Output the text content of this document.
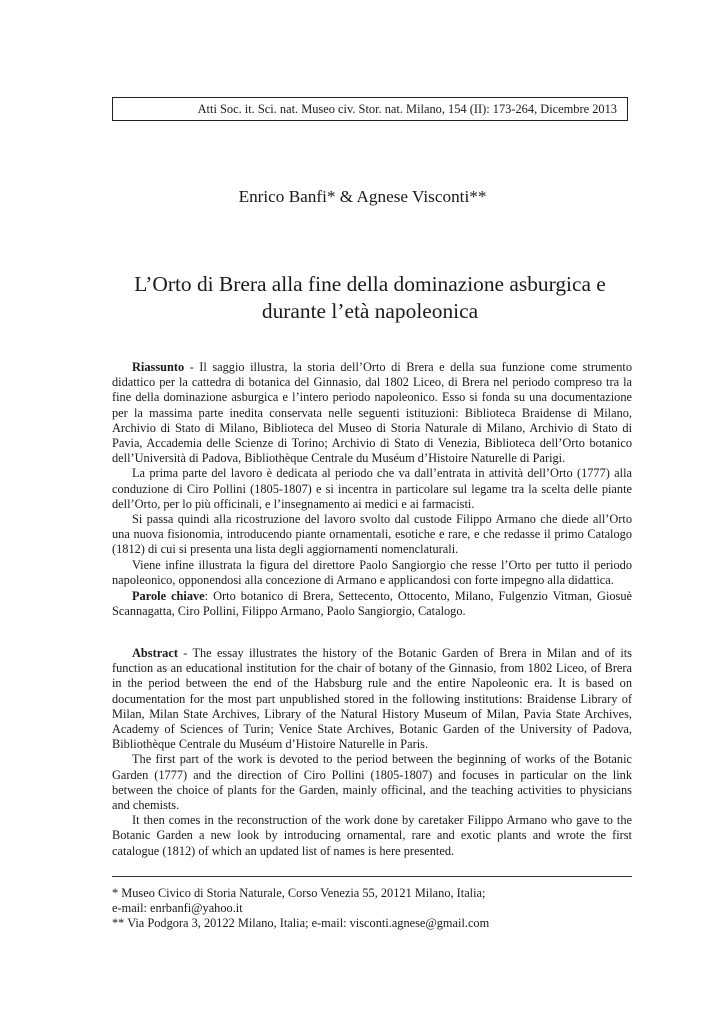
Atti Soc. it. Sci. nat. Museo civ. Stor. nat. Milano, 154 (II): 173-264, Dicembre 2013
Enrico Banfi* & Agnese Visconti**
L’Orto di Brera alla fine della dominazione asburgica e
durante l’età napoleonica

Riassunto - Il saggio illustra, la storia dell’Orto di Brera e della sua funzione come strumento didattico per la cattedra di botanica del Ginnasio, dal 1802 Liceo, di Brera nel periodo compreso tra la fine della dominazione asburgica e l’intero periodo napoleonico. Esso si fonda su una documentazione per la massima parte inedita conservata nelle seguenti istituzioni: Biblioteca Braidense di Milano, Archivio di Stato di Milano, Biblioteca del Museo di Storia Naturale di Milano, Archivio di Stato di Pavia, Accademia delle Scienze di Torino; Archivio di Stato di Venezia, Biblioteca dell’Orto botanico dell’Università di Padova, Bibliothèque Centrale du Muséum d’Histoire Naturelle di Parigi.

La prima parte del lavoro è dedicata al periodo che va dall’entrata in attività dell’Orto (1777) alla conduzione di Ciro Pollini (1805-1807) e si incentra in particolare sul legame tra la scelta delle piante dell’Orto, per lo più officinali, e l’insegnamento ai medici e ai farmacisti.

Si passa quindi alla ricostruzione del lavoro svolto dal custode Filippo Armano che diede all’Orto una nuova fisionomia, introducendo piante ornamentali, esotiche e rare, e che redasse il primo Catalogo (1812) di cui si presenta una lista degli aggiornamenti nomenclaturali.

Viene infine illustrata la figura del direttore Paolo Sangiorgio che resse l’Orto per tutto il periodo napoleonico, opponendosi alla concezione di Armano e applicandosi con forte impegno alla didattica.

Parole chiave: Orto botanico di Brera, Settecento, Ottocento, Milano, Fulgenzio Vitman, Giosuè Scannagatta, Ciro Pollini, Filippo Armano, Paolo Sangiorgio, Catalogo.

Abstract - The essay illustrates the history of the Botanic Garden of Brera in Milan and of its function as an educational institution for the chair of botany of the Ginnasio, from 1802 Liceo, of Brera in the period between the end of the Habsburg rule and the entire Napoleonic era. It is based on documentation for the most part unpublished stored in the following institutions: Braidense Library of Milan, Milan State Archives, Library of the Natural History Museum of Milan, Pavia State Archives, Academy of Sciences of Turin; Venice State Archives, Botanic Garden of the University of Padova, Bibliothèque Centrale du Muséum d’Histoire Naturelle in Paris.

The first part of the work is devoted to the period between the beginning of works of the Botanic Garden (1777) and the direction of Ciro Pollini (1805-1807) and focuses in particular on the link between the choice of plants for the Garden, mainly officinal, and the teaching activities to physicians and chemists.

It then comes in the reconstruction of the work done by caretaker Filippo Armano who gave to the Botanic Garden a new look by introducing ornamental, rare and exotic plants and wrote the first catalogue (1812) of which an updated list of names is here presented.

* Museo Civico di Storia Naturale, Corso Venezia 55, 20121 Milano, Italia;
e-mail: enrbanfi@yahoo.it
** Via Podgora 3, 20122 Milano, Italia; e-mail: visconti.agnese@gmail.com
